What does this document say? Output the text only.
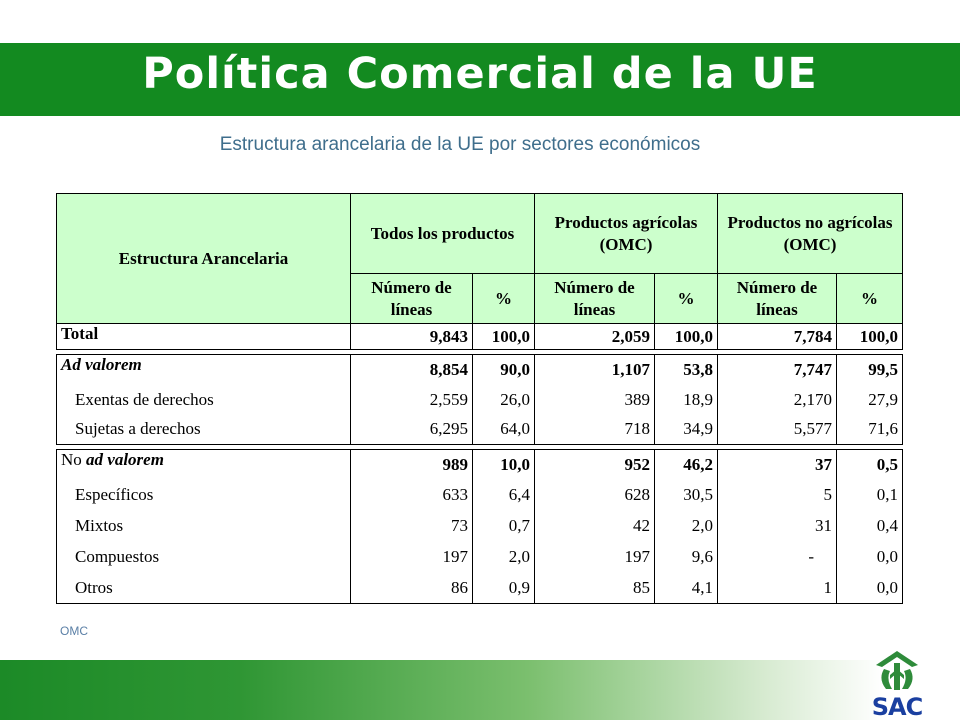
Política Comercial de la UE
Estructura arancelaria de la UE por sectores económicos
Estructura Arancelaria	Todos los productos		Productos agrícolas (OMC)		Productos no agrícolas (OMC)	
	Número de líneas	%	Número de líneas	%	Número de líneas	%
Total	9,843	100,0	2,059	100,0	7,784	100,0

Ad valorem	8,854	90,0	1,107	53,8	7,747	99,5
Exentas de derechos	2,559	26,0	389	18,9	2,170	27,9
Sujetas a derechos	6,295	64,0	718	34,9	5,577	71,6

No ad valorem	989	10,0	952	46,2	37	0,5
Específicos	633	6,4	628	30,5	5	0,1
Mixtos	73	0,7	42	2,0	31	0,4
Compuestos	197	2,0	197	9,6	-	0,0
Otros	86	0,9	85	4,1	1	0,0
OMC
SAC
